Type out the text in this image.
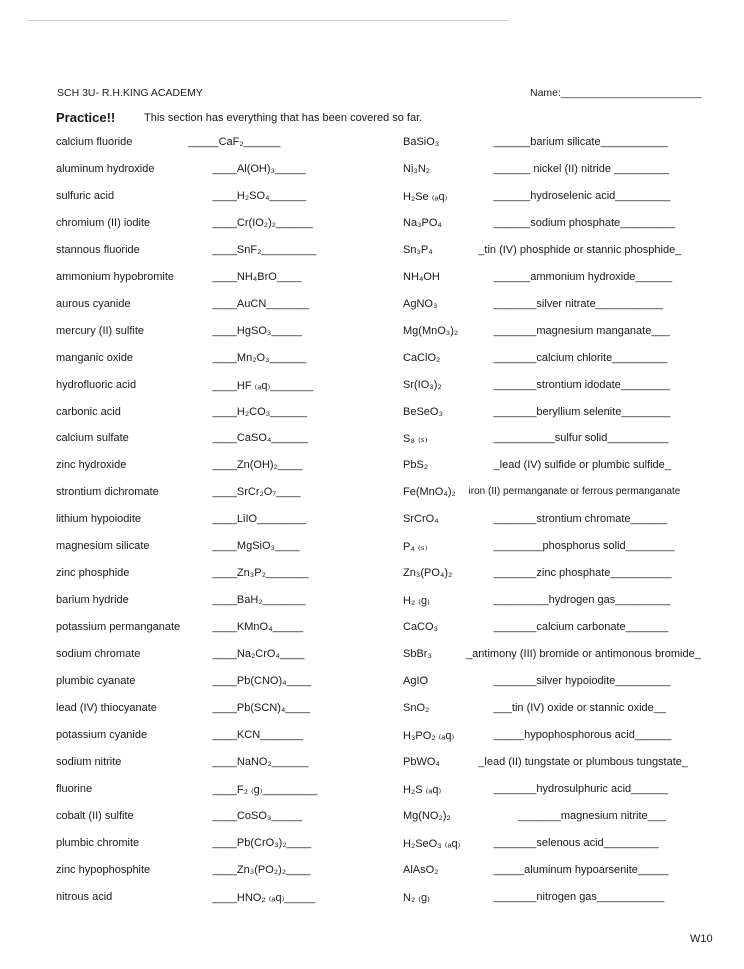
SCH 3U- R.H.KING ACADEMY	Name:________________________
Practice!!	This section has everything that has been covered so far.
calcium fluoride	_____CaF₂______	BaSiO₃ ______barium silicate___________
aluminum hydroxide	____Al(OH)₃_____	Ni₃N₂	______ nickel (II) nitride _________
sulfuric acid	____H₂SO₄______	H₂Se ₍ₐq₎ ______hydroselenic acid_________
chromium (II) iodite	____Cr(IO₂)₂______	Na₃PO₄ ______sodium phosphate_________
stannous fluoride	____SnF₂_________	Sn₃P₄	_tin (IV) phosphide or stannic phosphide_
ammonium hypobromite ____NH₄BrO____	NH₄OH ______ammonium hydroxide______
aurous cyanide	____AuCN_______	AgNO₃ _______silver nitrate___________
mercury (II) sulfite	____HgSO₃_____	Mg(MnO₃)₂ _______magnesium manganate___
manganic oxide	____Mn₂O₃______	CaClO₂ _______calcium chlorite_________
hydrofluoric acid	____HF ₍ₐq₎_______	Sr(IO₃)₂ _______strontium idodate________
carbonic acid	____H₂CO₃______	BeSeO₃ _______beryllium selenite________
calcium sulfate	____CaSO₄______	S₈ ₍ₛ₎	__________sulfur solid__________
zinc hydroxide	____Zn(OH)₂____	PbS₂	_lead (IV) sulfide or plumbic sulfide_
strontium dichromate	____SrCr₂O₇____	Fe(MnO₄)₂ iron (II) permanganate or ferrous permanganate
lithium hypoiodite	____LiIO________	SrCrO₄ _______strontium chromate______
magnesium silicate	____MgSiO₃____	P₄ ₍ₛ₎	________phosphorus solid________
zinc phosphide	____Zn₃P₂_______	Zn₃(PO₄)₂ _______zinc phosphate__________
barium hydride	____BaH₂_______	H₂ ₍g₎	_________hydrogen gas_________
potassium permanganate ____KMnO₄_____	CaCO₃ _______calcium carbonate_______
sodium chromate	____Na₂CrO₄____	SbBr₃	_antimony (III) bromide or antimonous bromide_
plumbic cyanate	____Pb(CNO)₄____	AgIO	_______silver hypoiodite_________
lead (IV) thiocyanate	____Pb(SCN)₄____	SnO₂	___tin (IV) oxide or stannic oxide__
potassium cyanide	____KCN_______	H₃PO₂ ₍ₐq₎ _____hypophosphorous acid______
sodium nitrite	____NaNO₂______	PbWO₄ _lead (II) tungstate or plumbous tungstate_
fluorine	____F₂ ₍g₎_________	H₂S ₍ₐq₎ _______hydrosulphuric acid______
cobalt (II) sulfite	____CoSO₃_____	Mg(NO₂)₂ _______magnesium nitrite___
plumbic chromite	____Pb(CrO₃)₂____	H₂SeO₃ ₍ₐq₎ _______selenous acid_________
zinc hypophosphite	____Zn₃(PO₂)₂____	AlAsO₂ _____aluminum hypoarsenite_____
nitrous acid	____HNO₂ ₍ₐq₎_____	N₂ ₍g₎	_______nitrogen gas___________
W10
